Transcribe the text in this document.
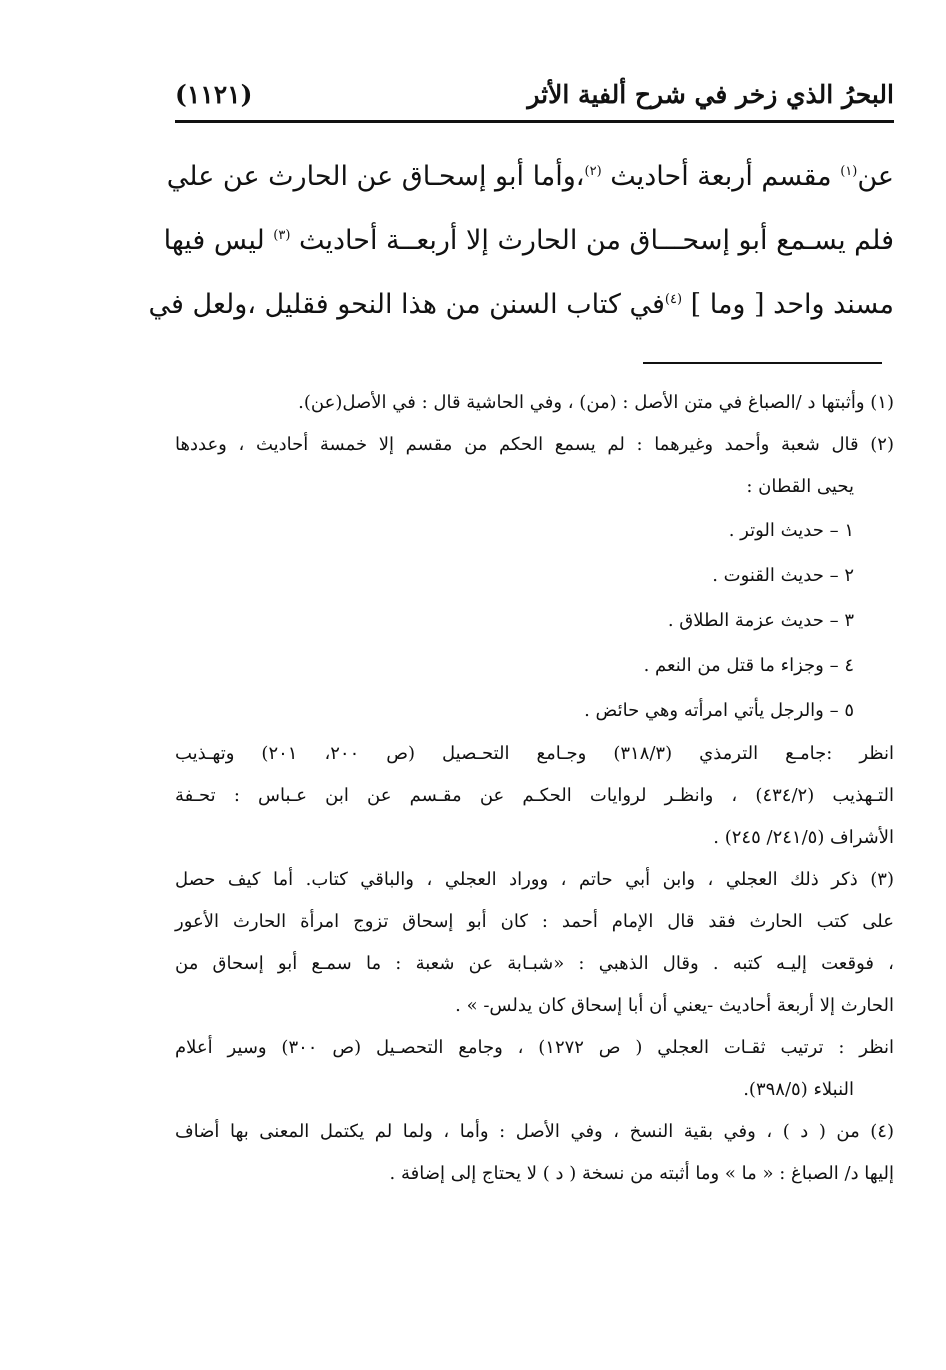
البحرُ الذي زخر في شرح ألفية الأثر
(١١٢١)
عن$^{(١)}$ مقسم أربعة أحاديث $^{(٢)}$،وأما أبو إسحـاق عن الحارث عن علي
فلم يسـمع أبو إسحـــاق من الحارث إلا أربعــة أحاديث $^{(٣)}$ ليس فيها
مسند واحد [ وما ] $^{(٤)}$في كتاب السنن من هذا النحو فقليل ،ولعل في
(١) وأثبتها د /الصباغ في متن الأصل : (من) ، وفي الحاشية قال : في الأصل(عن).
(٢) قال شعبة وأحمد وغيرهما : لم يسمع الحكم من مقسم إلا خمسة أحاديث ، وعددها
يحيى القطان :
١ – حديث الوتر .
٢ – حديث القنوت .
٣ – حديث عزمة الطلاق .
٤ – وجزاء ما قتل من النعم .
٥ – والرجل يأتي امرأته وهي حائض .
انظر :جامـع الترمذي (٣١٨/٣) وجـامع التحـصيل (ص ٢٠٠، ٢٠١) وتهـذيب
التـهذيب (٤٣٤/٢) ، وانظـر لروايات الحكـم عن مقـسم عن ابن عـباس : تحـفة
الأشراف (٢٤١/٥/ ٢٤٥) .
(٣) ذكر ذلك العجلي ، وابن أبي حاتم ، ووراد العجلي ، والباقي كتاب. أما كيف حصل
على كتب الحارث فقد قال الإمام أحمد : كان أبو إسحاق تزوج امرأة الحارث الأعور
، فوقعت إليـه كتبه . وقال الذهبي : «شبـابة عن شعبة : ما سمـع أبو إسحاق من
الحارث إلا أربعة أحاديث -يعني أن أبا إسحاق كان يدلس- » .
انظر : ترتيب ثقـات العجلي ( ص ١٢٧٢) ، وجامع التحصـيل (ص ٣٠٠) وسير أعلام
النبلاء (٣٩٨/٥).
(٤) من ( د ) ، وفي بقية النسخ ، وفي الأصل : وأما ، ولما لم يكتمل المعنى بها أضاف
إليها د/ الصباغ : « ما » وما أثبته من نسخة ( د ) لا يحتاج إلى إضافة .
